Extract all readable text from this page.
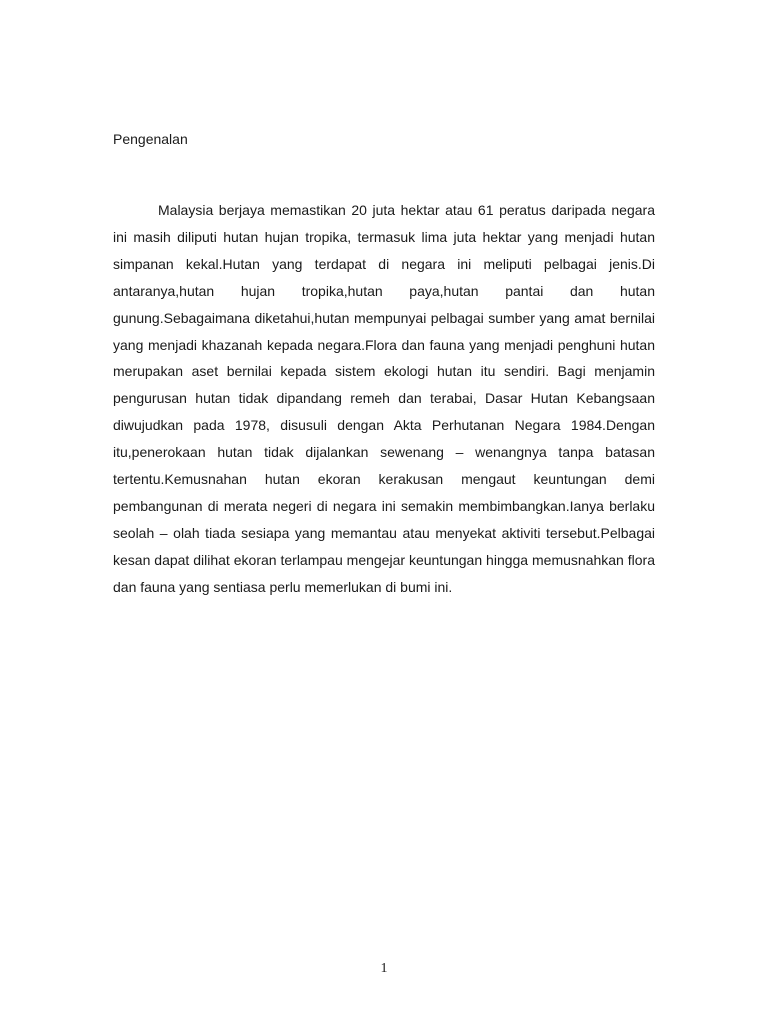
Pengenalan

Malaysia berjaya memastikan 20 juta hektar atau 61 peratus daripada negara ini masih diliputi hutan hujan tropika, termasuk lima juta hektar yang menjadi hutan simpanan kekal.Hutan yang terdapat di negara ini meliputi pelbagai jenis.Di antaranya,hutan hujan tropika,hutan paya,hutan pantai dan hutan gunung.Sebagaimana diketahui,hutan mempunyai pelbagai sumber yang amat bernilai yang menjadi khazanah kepada negara.Flora dan fauna yang menjadi penghuni hutan merupakan aset bernilai kepada sistem ekologi hutan itu sendiri. Bagi menjamin pengurusan hutan tidak dipandang remeh dan terabai, Dasar Hutan Kebangsaan diwujudkan pada 1978, disusuli dengan Akta Perhutanan Negara 1984.Dengan itu,penerokaan hutan tidak dijalankan sewenang – wenangnya tanpa batasan tertentu.Kemusnahan hutan ekoran kerakusan mengaut keuntungan demi pembangunan di merata negeri di negara ini semakin membimbangkan.Ianya berlaku seolah – olah tiada sesiapa yang memantau atau menyekat aktiviti tersebut.Pelbagai kesan dapat dilihat ekoran terlampau mengejar keuntungan hingga memusnahkan flora dan fauna yang sentiasa perlu memerlukan di bumi ini.

1
